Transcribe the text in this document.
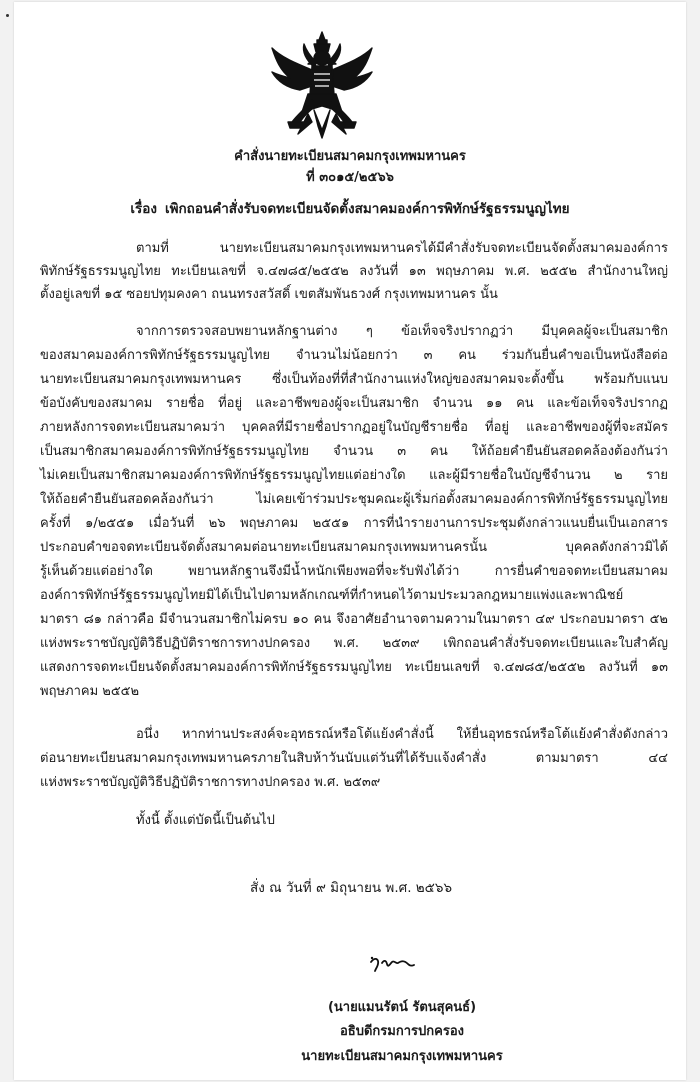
คำสั่งนายทะเบียนสมาคมกรุงเทพมหานคร
ที่ ๓๐๑๕/๒๕๖๖
เรื่อง เพิกถอนคำสั่งรับจดทะเบียนจัดตั้งสมาคมองค์การพิทักษ์รัฐธรรมนูญไทย
ตามที่ นายทะเบียนสมาคมกรุงเทพมหานครได้มีคำสั่งรับจดทะเบียนจัดตั้งสมาคมองค์การ
พิทักษ์รัฐธรรมนูญไทย ทะเบียนเลขที่ จ.๔๗๘๕/๒๕๕๒ ลงวันที่ ๑๓ พฤษภาคม พ.ศ. ๒๕๕๒ สำนักงานใหญ่
ตั้งอยู่เลขที่ ๑๕ ซอยปทุมคงคา ถนนทรงสวัสดิ์ เขตสัมพันธวงศ์ กรุงเทพมหานคร นั้น
จากการตรวจสอบพยานหลักฐานต่าง ๆ ข้อเท็จจริงปรากฏว่า มีบุคคลผู้จะเป็นสมาชิก
ของสมาคมองค์การพิทักษ์รัฐธรรมนูญไทย จำนวนไม่น้อยกว่า ๓ คน ร่วมกันยื่นคำขอเป็นหนังสือต่อ
นายทะเบียนสมาคมกรุงเทพมหานคร ซึ่งเป็นท้องที่ที่สำนักงานแห่งใหญ่ของสมาคมจะตั้งขึ้น พร้อมกับแนบ
ข้อบังคับของสมาคม รายชื่อ ที่อยู่ และอาชีพของผู้จะเป็นสมาชิก จำนวน ๑๑ คน และข้อเท็จจริงปรากฏ
ภายหลังการจดทะเบียนสมาคมว่า บุคคลที่มีรายชื่อปรากฏอยู่ในบัญชีรายชื่อ ที่อยู่ และอาชีพของผู้ที่จะสมัคร
เป็นสมาชิกสมาคมองค์การพิทักษ์รัฐธรรมนูญไทย จำนวน ๓ คน ให้ถ้อยคำยืนยันสอดคล้องต้องกันว่า
ไม่เคยเป็นสมาชิกสมาคมองค์การพิทักษ์รัฐธรรมนูญไทยแต่อย่างใด และผู้มีรายชื่อในบัญชีจำนวน ๒ ราย
ให้ถ้อยคำยืนยันสอดคล้องกันว่า ไม่เคยเข้าร่วมประชุมคณะผู้เริ่มก่อตั้งสมาคมองค์การพิทักษ์รัฐธรรมนูญไทย
ครั้งที่ ๑/๒๕๕๑ เมื่อวันที่ ๒๖ พฤษภาคม ๒๕๕๑ การที่นำรายงานการประชุมดังกล่าวแนบยื่นเป็นเอกสาร
ประกอบคำขอจดทะเบียนจัดตั้งสมาคมต่อนายทะเบียนสมาคมกรุงเทพมหานครนั้น บุคคลดังกล่าวมิได้
รู้เห็นด้วยแต่อย่างใด พยานหลักฐานจึงมีน้ำหนักเพียงพอที่จะรับฟังได้ว่า การยื่นคำขอจดทะเบียนสมาคม
องค์การพิทักษ์รัฐธรรมนูญไทยมิได้เป็นไปตามหลักเกณฑ์ที่กำหนดไว้ตามประมวลกฎหมายแพ่งและพาณิชย์
มาตรา ๘๑ กล่าวคือ มีจำนวนสมาชิกไม่ครบ ๑๐ คน จึงอาศัยอำนาจตามความในมาตรา ๔๙ ประกอบมาตรา ๕๒
แห่งพระราชบัญญัติวิธีปฏิบัติราชการทางปกครอง พ.ศ. ๒๕๓๙ เพิกถอนคำสั่งรับจดทะเบียนและใบสำคัญ
แสดงการจดทะเบียนจัดตั้งสมาคมองค์การพิทักษ์รัฐธรรมนูญไทย ทะเบียนเลขที่ จ.๔๗๘๕/๒๕๕๒ ลงวันที่ ๑๓
พฤษภาคม ๒๕๕๒
อนึ่ง หากท่านประสงค์จะอุทธรณ์หรือโต้แย้งคำสั่งนี้ ให้ยื่นอุทธรณ์หรือโต้แย้งคำสั่งดังกล่าว
ต่อนายทะเบียนสมาคมกรุงเทพมหานครภายในสิบห้าวันนับแต่วันที่ได้รับแจ้งคำสั่ง ตามมาตรา ๔๔
แห่งพระราชบัญญัติวิธีปฏิบัติราชการทางปกครอง พ.ศ. ๒๕๓๙
ทั้งนี้ ตั้งแต่บัดนี้เป็นต้นไป
สั่ง ณ วันที่ ๙ มิถุนายน พ.ศ. ๒๕๖๖
(นายแมนรัตน์ รัตนสุคนธ์)
อธิบดีกรมการปกครอง
นายทะเบียนสมาคมกรุงเทพมหานคร
